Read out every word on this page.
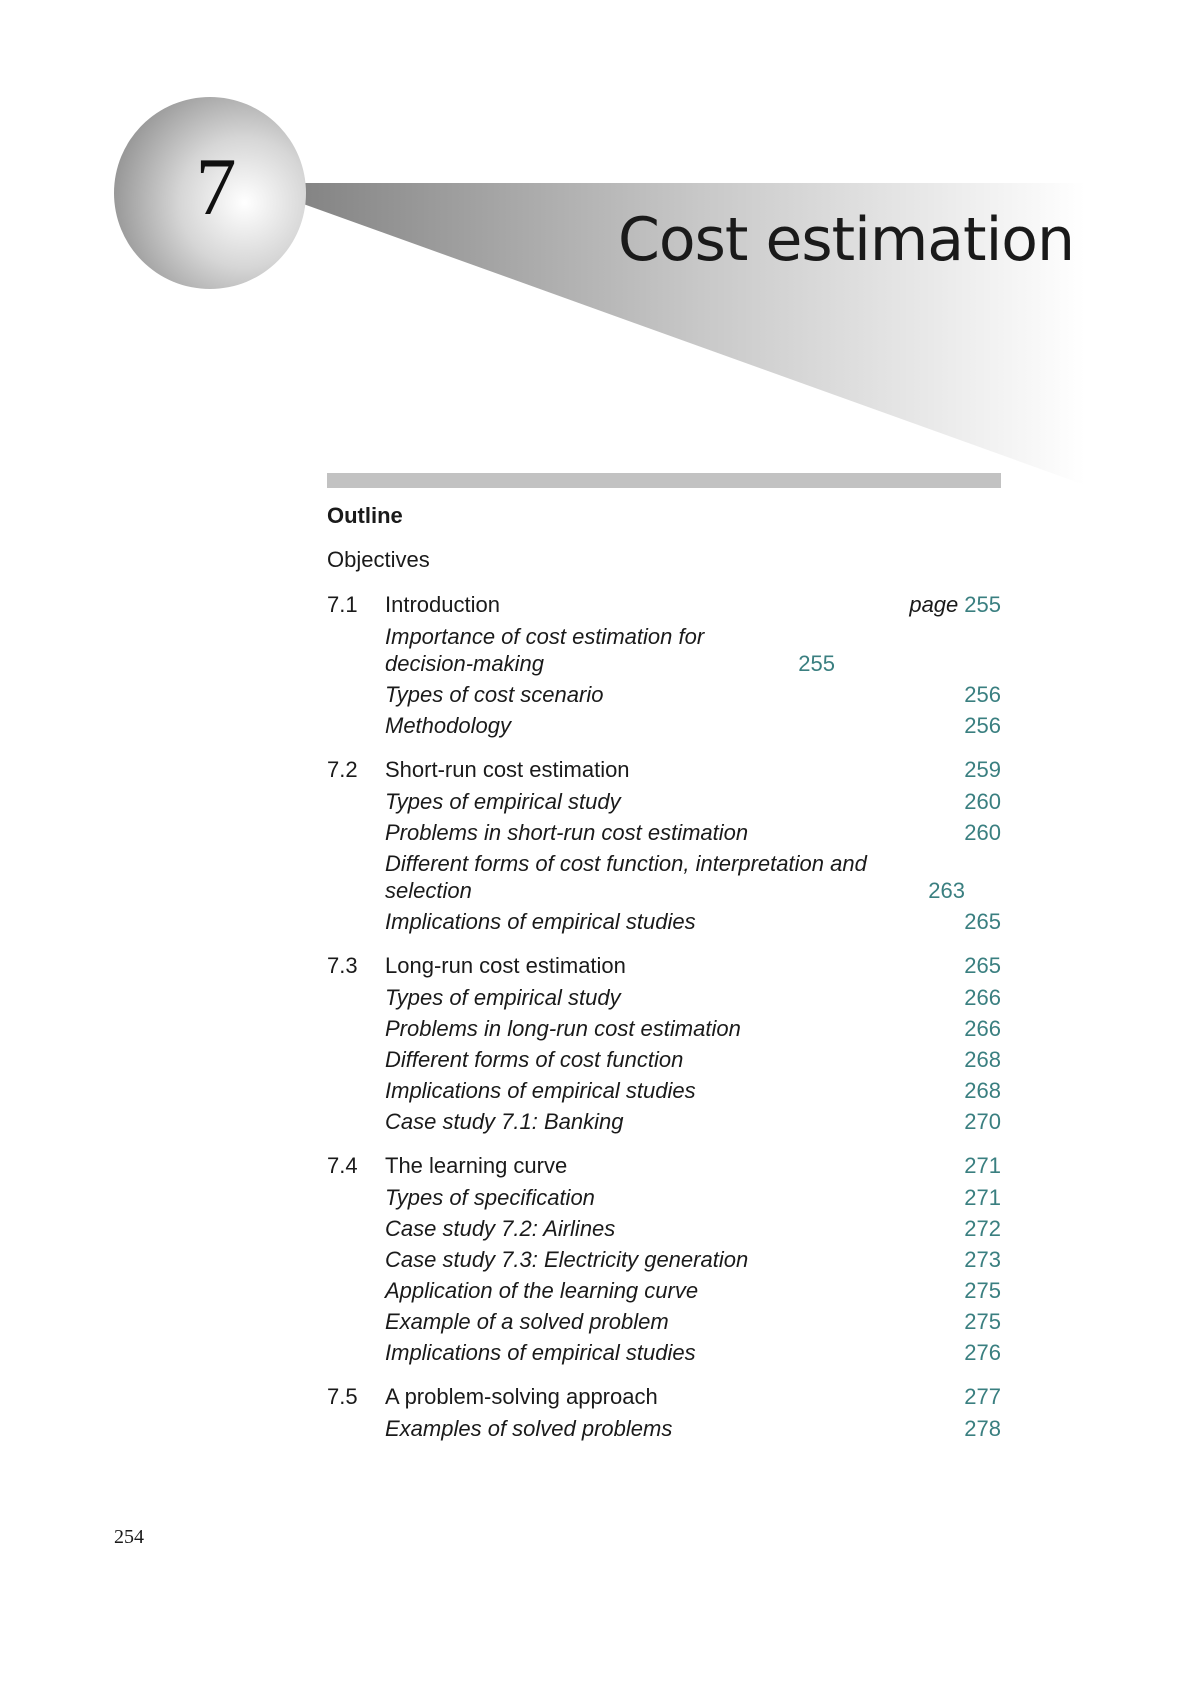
7
Cost estimation
Outline
Objectives
7.1	Introduction	page 255
Importance of cost estimation for decision-making	255
Types of cost scenario	256
Methodology	256
7.2	Short-run cost estimation	259
Types of empirical study	260
Problems in short-run cost estimation	260
Different forms of cost function, interpretation and selection	263
Implications of empirical studies	265
7.3	Long-run cost estimation	265
Types of empirical study	266
Problems in long-run cost estimation	266
Different forms of cost function	268
Implications of empirical studies	268
Case study 7.1: Banking	270
7.4	The learning curve	271
Types of specification	271
Case study 7.2: Airlines	272
Case study 7.3: Electricity generation	273
Application of the learning curve	275
Example of a solved problem	275
Implications of empirical studies	276
7.5	A problem-solving approach	277
Examples of solved problems	278
254
